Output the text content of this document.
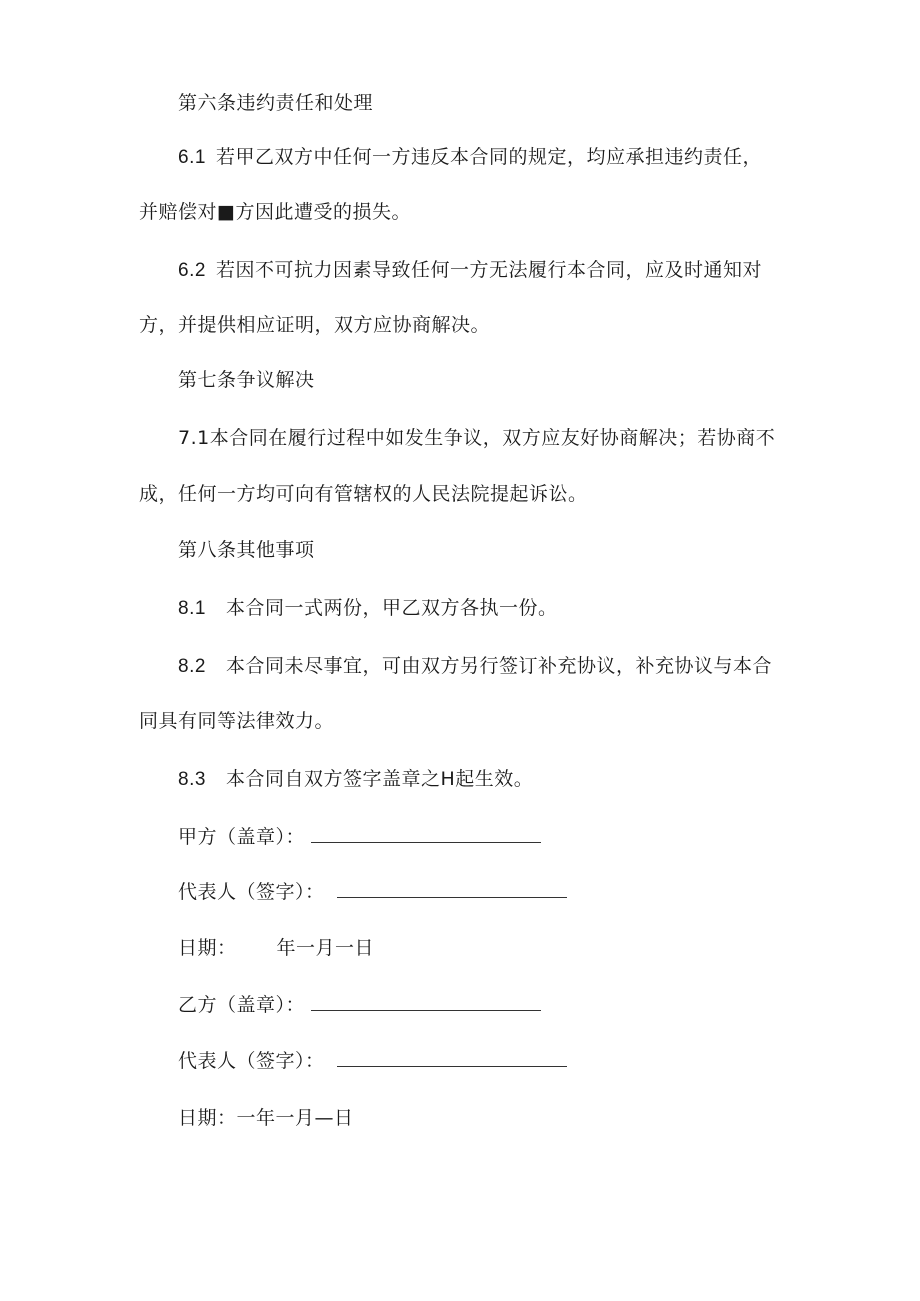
第六条违约责任和处理
6.1 若甲乙双方中任何一方违反本合同的规定，均应承担违约责任，
并赔偿对■方因此遭受的损失。
6.2 若因不可抗力因素导致任何一方无法履行本合同，应及时通知对
方，并提供相应证明，双方应协商解决。
第七条争议解决
7.1本合同在履行过程中如发生争议，双方应友好协商解决；若协商不
成，任何一方均可向有管辖权的人民法院提起诉讼。
第八条其他事项
8.1 本合同一式两份，甲乙双方各执一份。
8.2 本合同未尽事宜，可由双方另行签订补充协议，补充协议与本合
同具有同等法律效力。
8.3 本合同自双方签字盖章之H起生效。
甲方（盖章）：
代表人（签字）：
日期： 年一月一日
乙方（盖章）：
代表人（签字）：
日期：一年一月—日
